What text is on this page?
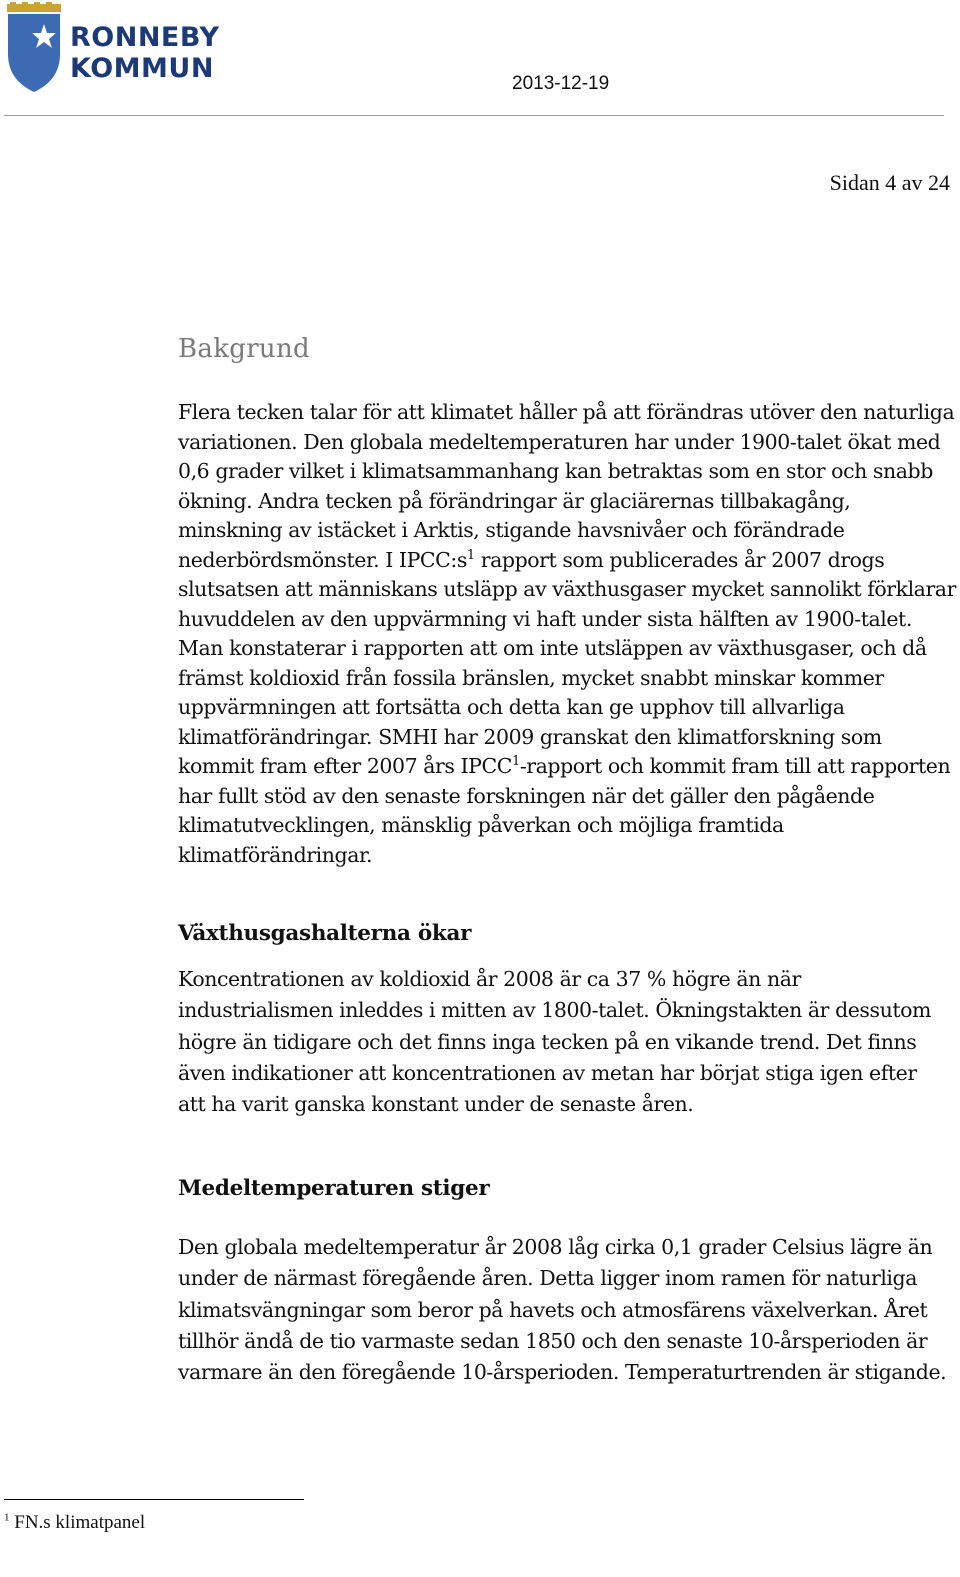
RONNEBY
KOMMUN	2013-12-19
Sidan 4 av 24
Bakgrund

Flera tecken talar för att klimatet håller på att förändras utöver den naturliga variationen. Den globala medeltemperaturen har under 1900-talet ökat med 0,6 grader vilket i klimatsammanhang kan betraktas som en stor och snabb ökning. Andra tecken på förändringar är glaciärernas tillbakagång, minskning av istäcket i Arktis, stigande havsnivåer och förändrade nederbördsmönster. I $IPCC:s^1$ rapport som publicerades år 2007 drogs slutsatsen att människans utsläpp av växthusgaser mycket sannolikt förklarar huvuddelen av den uppvärmning vi haft under sista hälften av 1900-talet. Man konstaterar i rapporten att om inte utsläppen av växthusgaser, och då främst koldioxid från fossila bränslen, mycket snabbt minskar kommer uppvärmningen att fortsätta och detta kan ge upphov till allvarliga klimatförändringar. SMHI har 2009 granskat den klimatforskning som kommit fram efter 2007 års IPCC$^1$-rapport och kommit fram till att rapporten har fullt stöd av den senaste forskningen när det gäller den pågående klimatutvecklingen, mänsklig påverkan och möjliga framtida klimatförändringar.

Växthusgashalterna ökar

Koncentrationen av koldioxid år 2008 är ca 37 % högre än när industrialismen inleddes i mitten av 1800-talet. Ökningstakten är dessutom högre än tidigare och det finns inga tecken på en vikande trend. Det finns även indikationer att koncentrationen av metan har börjat stiga igen efter att ha varit ganska konstant under de senaste åren.

Medeltemperaturen stiger

Den globala medeltemperatur år 2008 låg cirka 0,1 grader Celsius lägre än under de närmast föregående åren. Detta ligger inom ramen för naturliga klimatsvängningar som beror på havets och atmosfärens växelverkan. Året tillhör ändå de tio varmaste sedan 1850 och den senaste 10-årsperioden är varmare än den föregående 10-årsperioden. Temperaturtrenden är stigande.

$^1$ FN.s klimatpanel
